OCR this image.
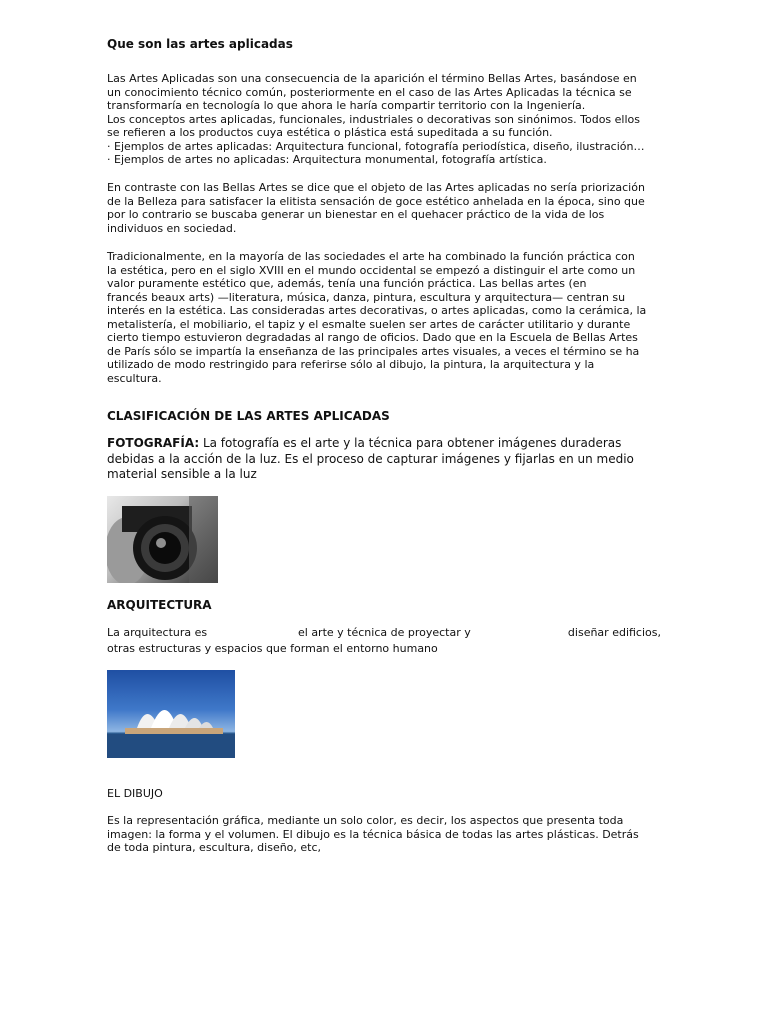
Que son las artes aplicadas

Las Artes Aplicadas son una consecuencia de la aparición el término Bellas Artes, basándose en
un conocimiento técnico común, posteriormente en el caso de las Artes Aplicadas la técnica se
transformaría en tecnología lo que ahora le haría compartir territorio con la Ingeniería.
Los conceptos artes aplicadas, funcionales, industriales o decorativas son sinónimos. Todos ellos
se refieren a los productos cuya estética o plástica está supeditada a su función.
· Ejemplos de artes aplicadas: Arquitectura funcional, fotografía periodística, diseño, ilustración…
· Ejemplos de artes no aplicadas: Arquitectura monumental, fotografía artística.

En contraste con las Bellas Artes se dice que el objeto de las Artes aplicadas no sería priorización
de la Belleza para satisfacer la elitista sensación de goce estético anhelada en la época, sino que
por lo contrario se buscaba generar un bienestar en el quehacer práctico de la vida de los
individuos en sociedad.

Tradicionalmente, en la mayoría de las sociedades el arte ha combinado la función práctica con
la estética, pero en el siglo XVIII en el mundo occidental se empezó a distinguir el arte como un
valor puramente estético que, además, tenía una función práctica. Las bellas artes (en
francés beaux arts) —literatura, música, danza, pintura, escultura y arquitectura— centran su
interés en la estética. Las consideradas artes decorativas, o artes aplicadas, como la cerámica, la
metalistería, el mobiliario, el tapiz y el esmalte suelen ser artes de carácter utilitario y durante
cierto tiempo estuvieron degradadas al rango de oficios. Dado que en la Escuela de Bellas Artes
de París sólo se impartía la enseñanza de las principales artes visuales, a veces el término se ha
utilizado de modo restringido para referirse sólo al dibujo, la pintura, la arquitectura y la
escultura.

CLASIFICACIÓN DE LAS ARTES APLICADAS

FOTOGRAFÍA: La fotografía es el arte y la técnica para obtener imágenes duraderas debidas a la acción de la luz. Es el proceso de capturar imágenes y fijarlas en un medio material sensible a la luz

ARQUITECTURA
La arquitectura es	el arte y técnica de proyectar y	diseñar edificios,
otras estructuras y espacios que forman el entorno humano
EL DIBUJO

Es la representación gráfica, mediante un solo color, es decir, los aspectos que presenta toda
imagen: la forma y el volumen. El dibujo es la técnica básica de todas las artes plásticas. Detrás
de toda pintura, escultura, diseño, etc,
